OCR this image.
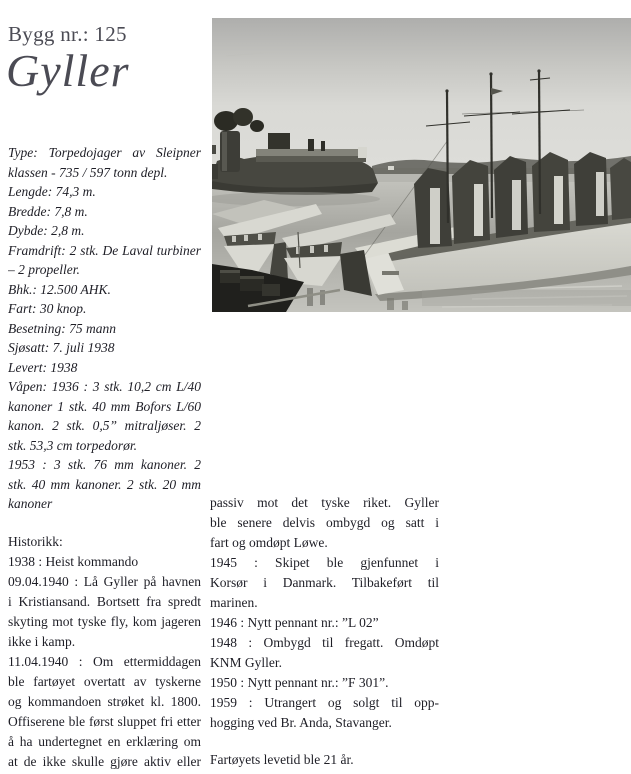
Bygg nr.: 125
Gyller
Type: Torpedojager av Sleipner
klassen - 735 / 597 tonn depl.
Lengde: 74,3 m.
Bredde: 7,8 m.
Dybde: 2,8 m.
Framdrift: 2 stk. De Laval turbiner
– 2 propeller.
Bhk.: 12.500 AHK.
Fart: 30 knop.
Besetning: 75 mann
Sjøsatt: 7. juli 1938
Levert: 1938
Våpen: 1936 : 3 stk. 10,2 cm L/40
kanoner 1 stk. 40 mm Bofors L/60
kanon. 2 stk. 0,5” mitraljøser. 2
stk. 53,3 cm torpedorør.
1953 : 3 stk. 76 mm kanoner. 2
stk. 40 mm kanoner. 2 stk. 20 mm
kanoner
Historikk:
1938 : Heist kommando
09.04.1940 : Lå Gyller på havnen
i Kristiansand. Bortsett fra spredt
skyting mot tyske fly, kom jageren
ikke i kamp.
11.04.1940 : Om ettermiddagen
ble fartøyet overtatt av tyskerne
og kommandoen strøket kl. 1800.
Offiserene ble først sluppet fri etter
å ha undertegnet en erklæring om
at de ikke skulle gjøre aktiv eller
passiv mot det tyske riket. Gyller
ble senere delvis ombygd og satt i
fart og omdøpt Løwe.
1945 : Skipet ble gjenfunnet i
Korsør i Danmark. Tilbakeført til
marinen.
1946 : Nytt pennant nr.: ”L 02”
1948 : Ombygd til fregatt. Omdøpt
KNM Gyller.
1950 : Nytt pennant nr.: ”F 301”.
1959 : Utrangert og solgt til opp-
hogging ved Br. Anda, Stavanger.
Fartøyets levetid ble 21 år.
